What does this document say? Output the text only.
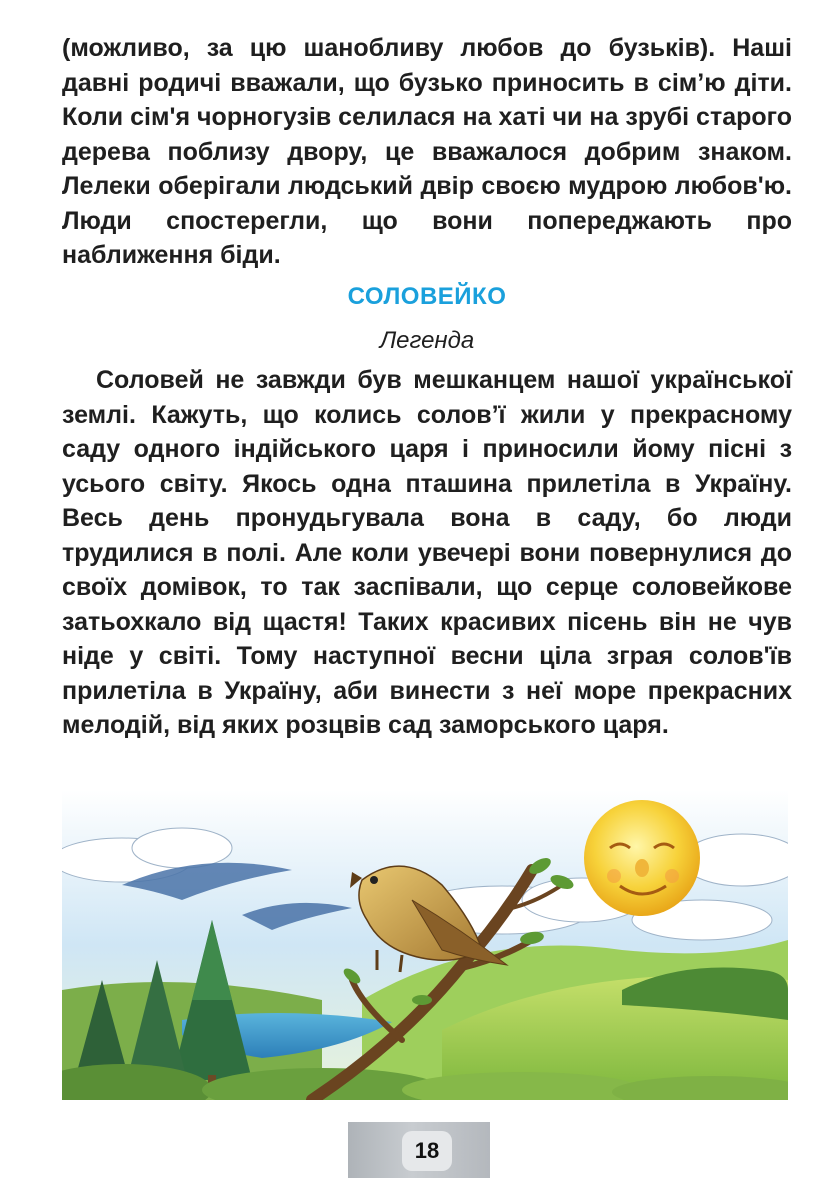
(можливо, за цю шанобливу любов до бузьків). Наші давні родичі вважали, що бузько приносить в сім’ю діти. Коли сім'я чорногузів селилася на хаті чи на зрубі старого дерева поблизу двору, це вважалося добрим знаком. Лелеки оберігали людський двір своєю мудрою любов'ю. Люди спостерегли, що вони попереджають про наближення біди.

СОЛОВЕЙКО
Легенда

Соловей не завжди був мешканцем нашої української землі. Кажуть, що колись солов’ї жили у прекрасному саду одного індійського царя і приносили йому пісні з усього світу. Якось одна пташина прилетіла в Україну. Весь день пронудьгувала вона в саду, бо люди трудилися в полі. Але коли увечері вони повернулися до своїх домівок, то так заспівали, що серце соловейкове затьохкало від щастя! Таких красивих пісень він не чув ніде у світі. Тому наступної весни ціла зграя солов'їв прилетіла в Україну, аби винести з неї море прекрасних мелодій, від яких розцвів сад заморського царя.

18
